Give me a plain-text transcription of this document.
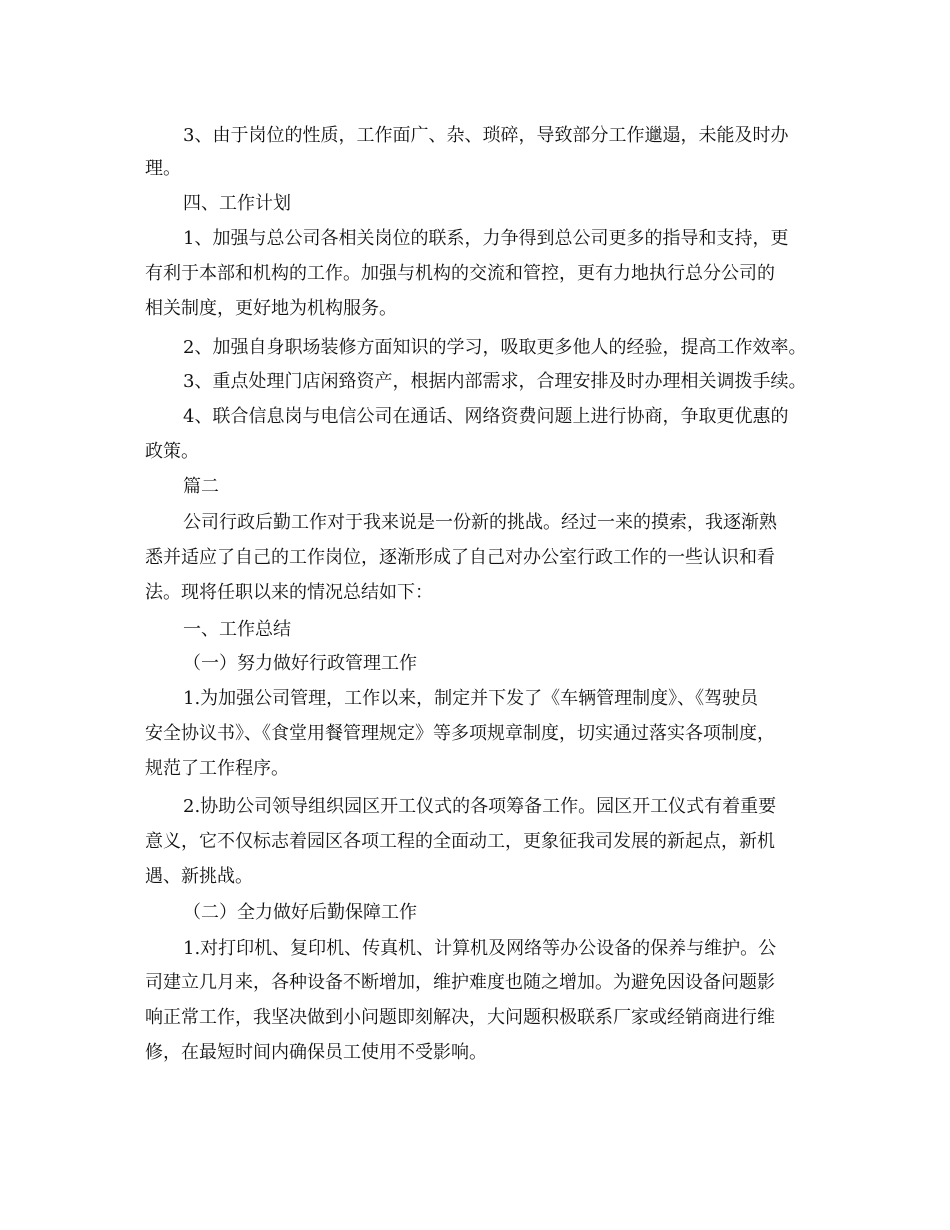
3、由于岗位的性质，工作面广、杂、琐碎，导致部分工作邋遢，未能及时办
理。
四、工作计划
1、加强与总公司各相关岗位的联系，力争得到总公司更多的指导和支持，更
有利于本部和机构的工作。加强与机构的交流和管控，更有力地执行总分公司的
相关制度，更好地为机构服务。
2、加强自身职场装修方面知识的学习，吸取更多他人的经验，提高工作效率。
3、重点处理门店闲臵资产，根据内部需求，合理安排及时办理相关调拨手续。
4、联合信息岗与电信公司在通话、网络资费问题上进行协商，争取更优惠的
政策。
篇二
公司行政后勤工作对于我来说是一份新的挑战。经过一来的摸索，我逐渐熟
悉并适应了自己的工作岗位，逐渐形成了自己对办公室行政工作的一些认识和看
法。现将任职以来的情况总结如下：
一、工作总结
（一）努力做好行政管理工作
1.为加强公司管理，工作以来，制定并下发了《车辆管理制度》、《驾驶员
安全协议书》、《食堂用餐管理规定》等多项规章制度，切实通过落实各项制度，
规范了工作程序。
2.协助公司领导组织园区开工仪式的各项筹备工作。园区开工仪式有着重要
意义，它不仅标志着园区各项工程的全面动工，更象征我司发展的新起点，新机
遇、新挑战。
（二）全力做好后勤保障工作
1.对打印机、复印机、传真机、计算机及网络等办公设备的保养与维护。公
司建立几月来，各种设备不断增加，维护难度也随之增加。为避免因设备问题影
响正常工作，我坚决做到小问题即刻解决，大问题积极联系厂家或经销商进行维
修，在最短时间内确保员工使用不受影响。
